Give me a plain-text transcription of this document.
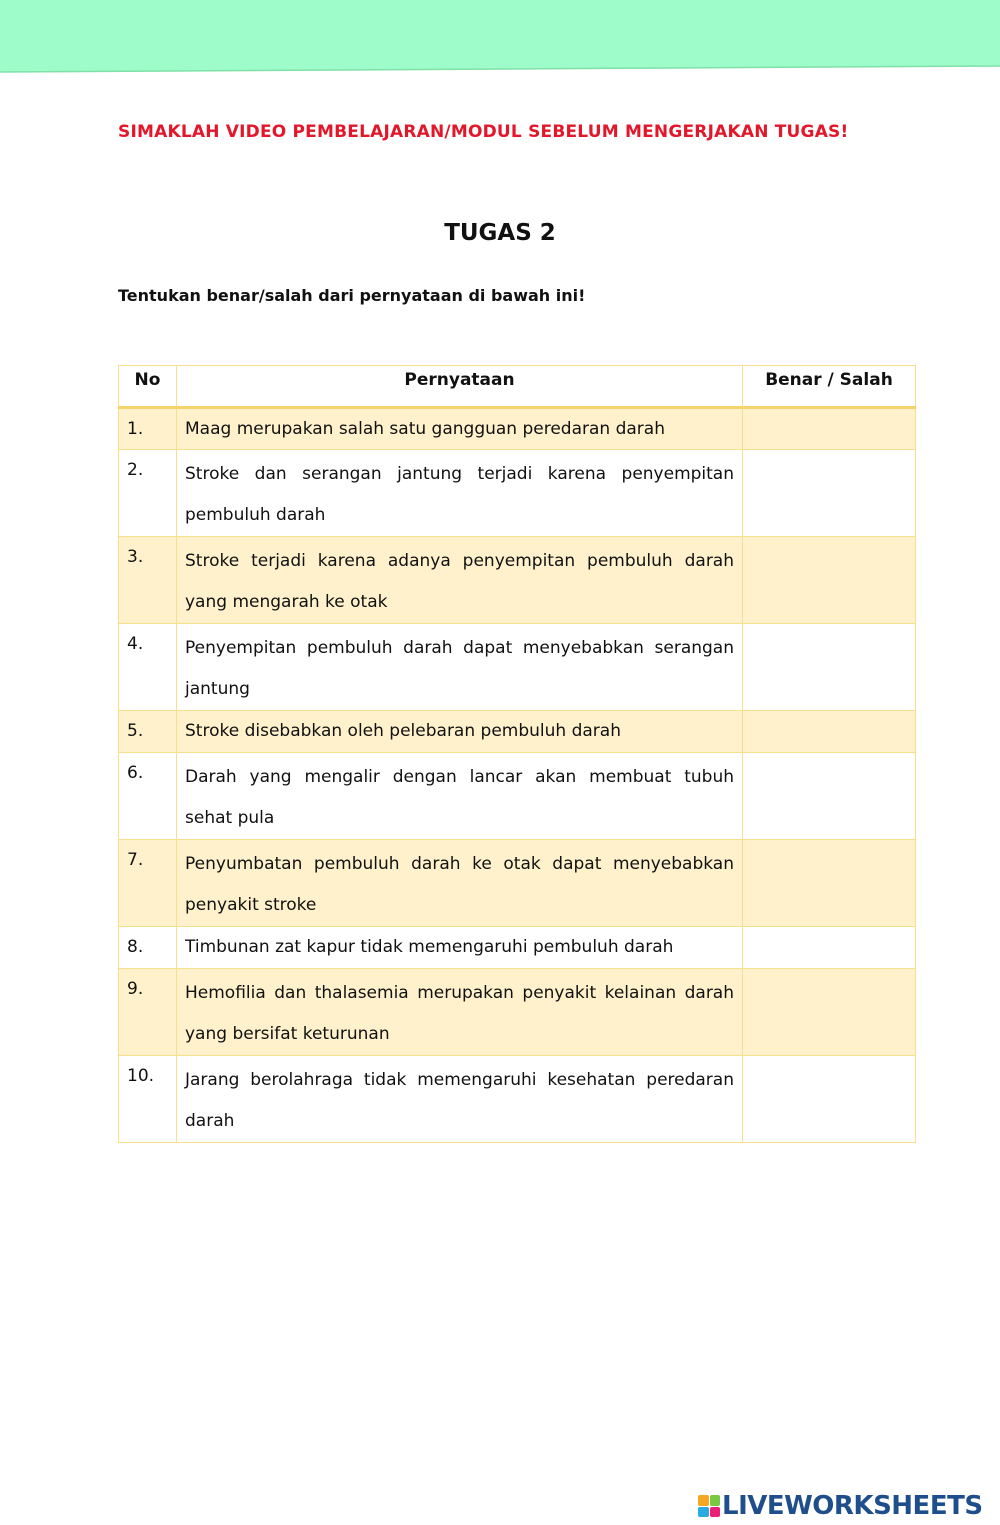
SIMAKLAH VIDEO PEMBELAJARAN/MODUL SEBELUM MENGERJAKAN TUGAS!
TUGAS 2
Tentukan benar/salah dari pernyataan di bawah ini!
No	Pernyataan	Benar / Salah
1.	Maag merupakan salah satu gangguan peredaran darah	

2.	Stroke dan serangan jantung terjadi karena penyempitan pembuluh darah	

3.	Stroke terjadi karena adanya penyempitan pembuluh darah yang mengarah ke otak	

4.	Penyempitan pembuluh darah dapat menyebabkan serangan jantung	

5.	Stroke disebabkan oleh pelebaran pembuluh darah	

6.	Darah yang mengalir dengan lancar akan membuat tubuh sehat pula	

7.	Penyumbatan pembuluh darah ke otak dapat menyebabkan penyakit stroke	

8.	Timbunan zat kapur tidak memengaruhi pembuluh darah	

9.	Hemofilia dan thalasemia merupakan penyakit kelainan darah yang bersifat keturunan	

10.	Jarang berolahraga tidak memengaruhi kesehatan peredaran darah	
LIVEWORKSHEETS
